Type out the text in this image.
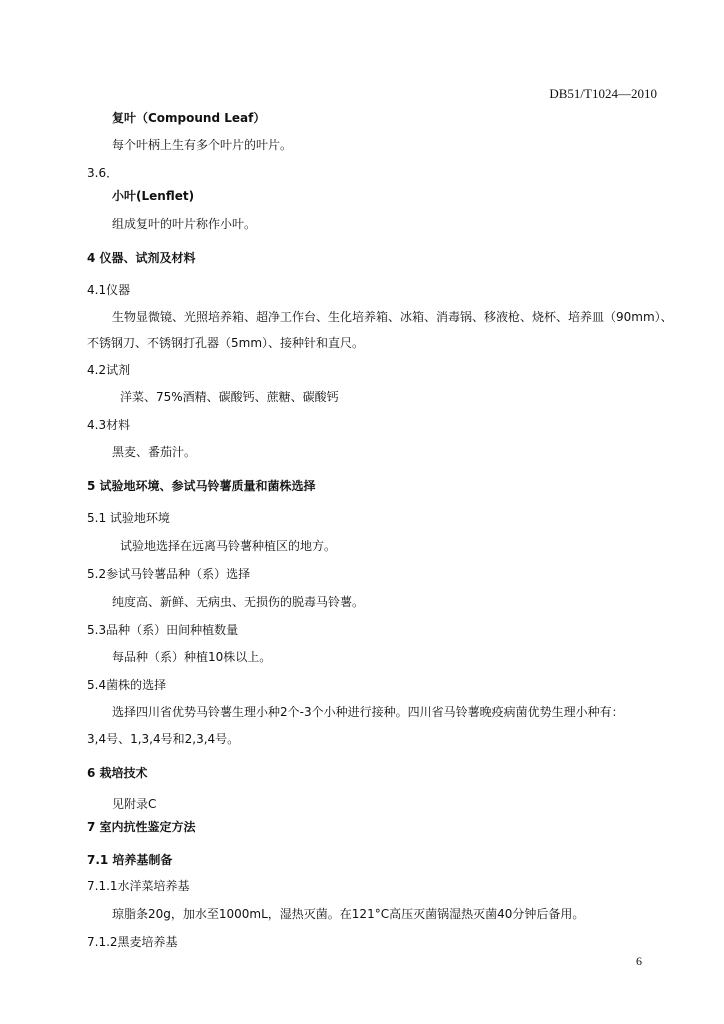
DB51/T1024—2010
复叶（Compound Leaf）
每个叶柄上生有多个叶片的叶片。
3.6．
小叶(Lenflet)
组成复叶的叶片称作小叶。
4 仪器、试剂及材料
4.1仪器
生物显微镜、光照培养箱、超净工作台、生化培养箱、冰箱、消毒锅、移液枪、烧杯、培养皿（90mm）、
不锈钢刀、不锈钢打孔器（5mm）、接种针和直尺。
4.2试剂
洋菜、75%酒精、碳酸钙、蔗糖、碳酸钙
4.3材料
黑麦、番茄汁。
5 试验地环境、参试马铃薯质量和菌株选择
5.1 试验地环境
试验地选择在远离马铃薯种植区的地方。
5.2参试马铃薯品种（系）选择
纯度高、新鲜、无病虫、无损伤的脱毒马铃薯。
5.3品种（系）田间种植数量
每品种（系）种植10株以上。
5.4菌株的选择
选择四川省优势马铃薯生理小种2个-3个小种进行接种。四川省马铃薯晚疫病菌优势生理小种有：
3,4号、1,3,4号和2,3,4号。
6 栽培技术
见附录C
7 室内抗性鉴定方法
7.1 培养基制备
7.1.1水洋菜培养基
琼脂条20g，加水至1000mL，湿热灭菌。在121°C高压灭菌锅湿热灭菌40分钟后备用。
7.1.2黑麦培养基
6
